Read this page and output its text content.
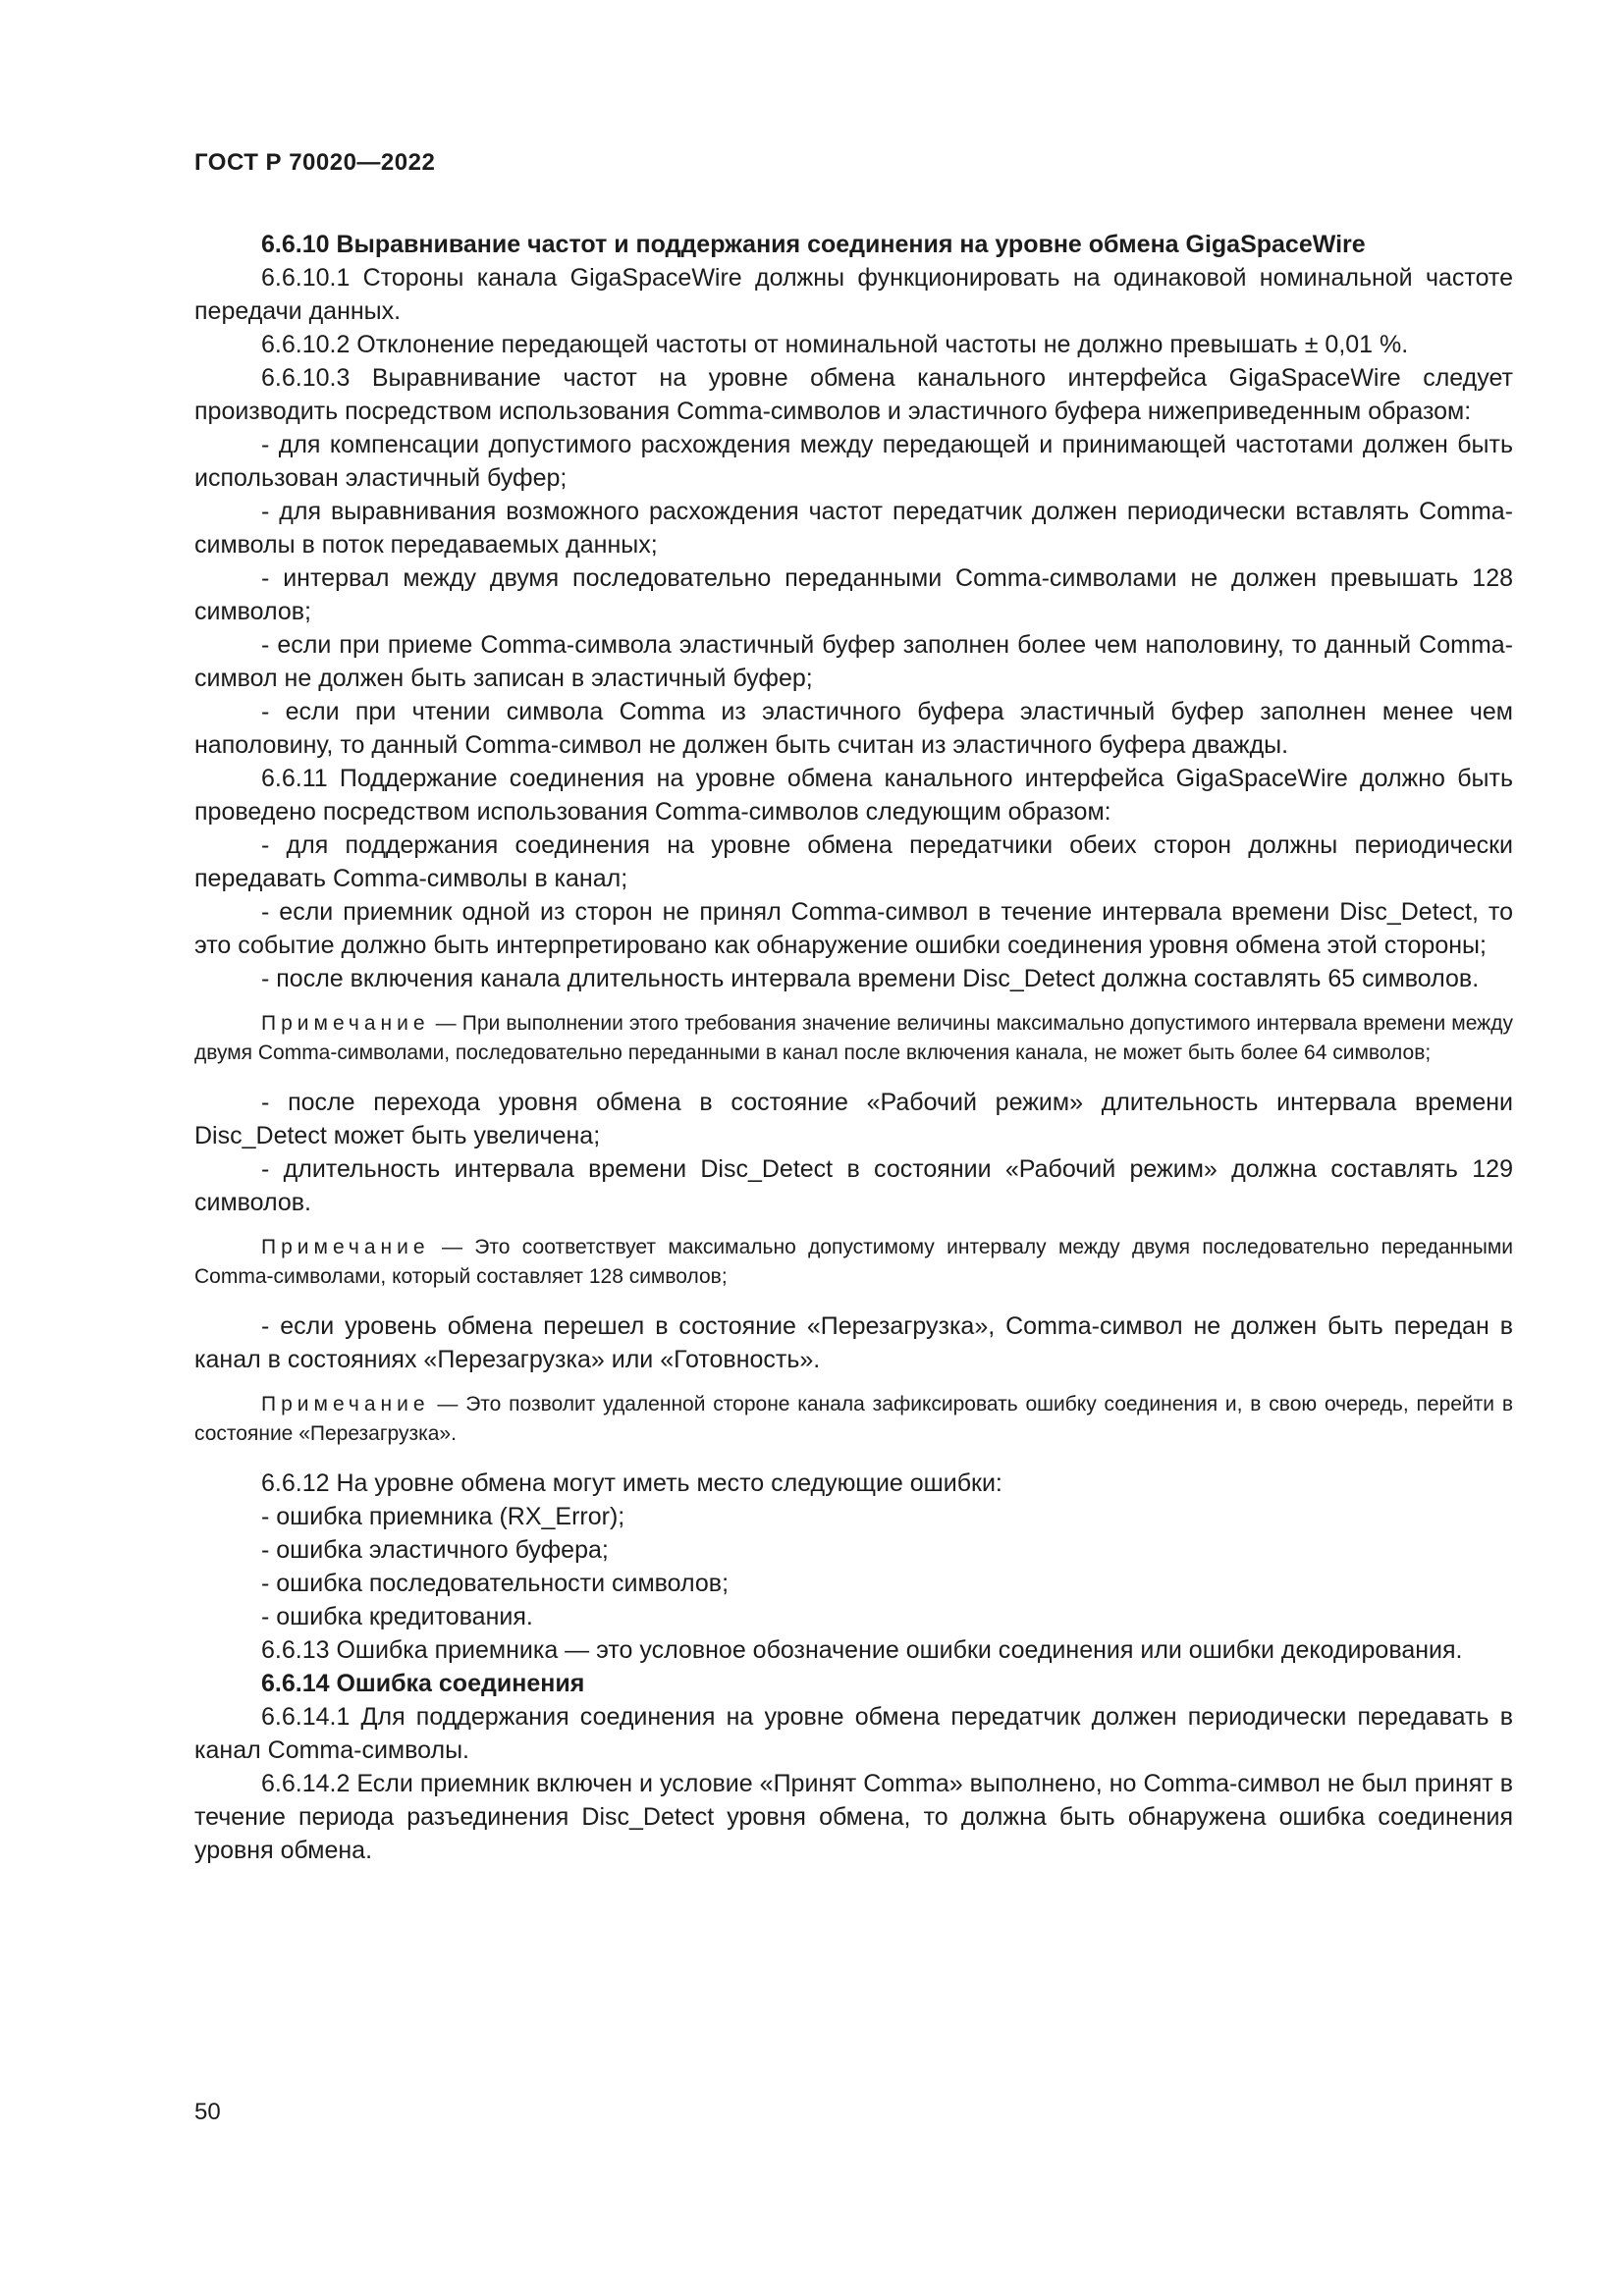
ГОСТ Р 70020—2022

6.6.10 Выравнивание частот и поддержания соединения на уровне обмена GigaSpaceWire

6.6.10.1 Стороны канала GigaSpaceWire должны функционировать на одинаковой номинальной частоте передачи данных.

6.6.10.2 Отклонение передающей частоты от номинальной частоты не должно превышать ± 0,01 %.

6.6.10.3 Выравнивание частот на уровне обмена канального интерфейса GigaSpaceWire следует производить посредством использования Comma-символов и эластичного буфера нижеприведенным образом:

- для компенсации допустимого расхождения между передающей и принимающей частотами должен быть использован эластичный буфер;

- для выравнивания возможного расхождения частот передатчик должен периодически вставлять Comma-символы в поток передаваемых данных;

- интервал между двумя последовательно переданными Comma-символами не должен превышать 128 символов;

- если при приеме Comma-символа эластичный буфер заполнен более чем наполовину, то данный Comma-символ не должен быть записан в эластичный буфер;

- если при чтении символа Comma из эластичного буфера эластичный буфер заполнен менее чем наполовину, то данный Comma-символ не должен быть считан из эластичного буфера дважды.

6.6.11 Поддержание соединения на уровне обмена канального интерфейса GigaSpaceWire должно быть проведено посредством использования Comma-символов следующим образом:

- для поддержания соединения на уровне обмена передатчики обеих сторон должны периодически передавать Comma-символы в канал;

- если приемник одной из сторон не принял Comma-символ в течение интервала времени Disc_Detect, то это событие должно быть интерпретировано как обнаружение ошибки соединения уровня обмена этой стороны;

- после включения канала длительность интервала времени Disc_Detect должна составлять 65 символов.

Примечание — При выполнении этого требования значение величины максимально допустимого интервала времени между двумя Comma-символами, последовательно переданными в канал после включения канала, не может быть более 64 символов;

- после перехода уровня обмена в состояние «Рабочий режим» длительность интервала времени Disc_Detect может быть увеличена;

- длительность интервала времени Disc_Detect в состоянии «Рабочий режим» должна составлять 129 символов.

Примечание — Это соответствует максимально допустимому интервалу между двумя последовательно переданными Comma-символами, который составляет 128 символов;

- если уровень обмена перешел в состояние «Перезагрузка», Comma-символ не должен быть передан в канал в состояниях «Перезагрузка» или «Готовность».

Примечание — Это позволит удаленной стороне канала зафиксировать ошибку соединения и, в свою очередь, перейти в состояние «Перезагрузка».

6.6.12 На уровне обмена могут иметь место следующие ошибки:

- ошибка приемника (RX_Error);

- ошибка эластичного буфера;

- ошибка последовательности символов;

- ошибка кредитования.

6.6.13 Ошибка приемника — это условное обозначение ошибки соединения или ошибки декодирования.

6.6.14 Ошибка соединения

6.6.14.1 Для поддержания соединения на уровне обмена передатчик должен периодически передавать в канал Comma-символы.

6.6.14.2 Если приемник включен и условие «Принят Comma» выполнено, но Comma-символ не был принят в течение периода разъединения Disc_Detect уровня обмена, то должна быть обнаружена ошибка соединения уровня обмена.

50
